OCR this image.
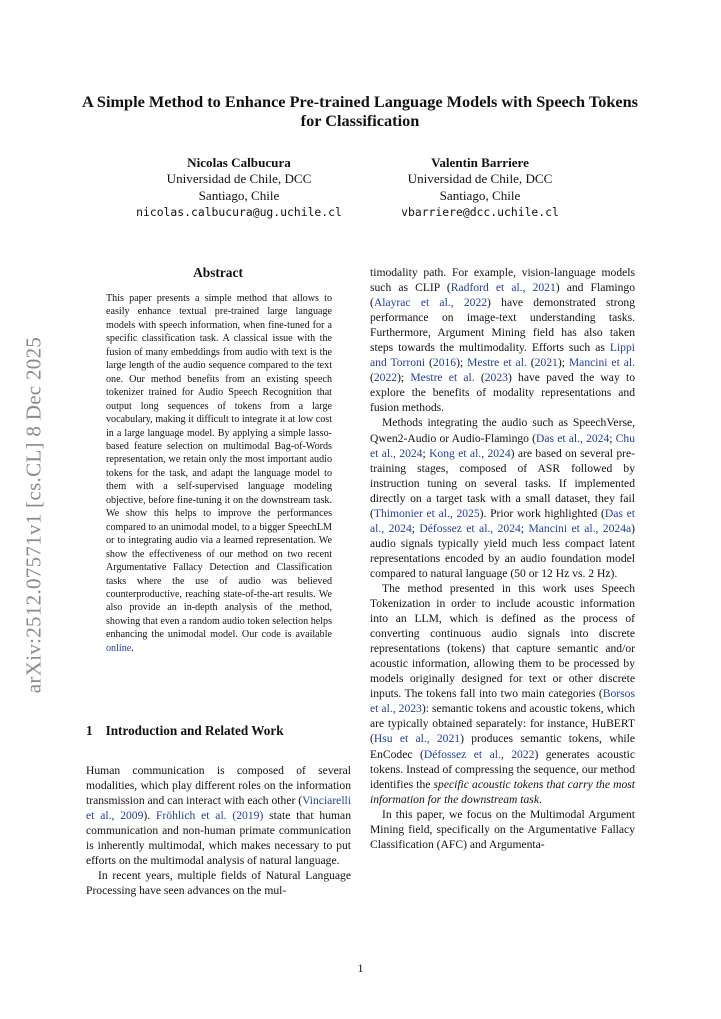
arXiv:2512.07571v1 [cs.CL] 8 Dec 2025
A Simple Method to Enhance Pre-trained Language Models with Speech Tokens for Classification
Nicolas Calbucura
Universidad de Chile, DCC
Santiago, Chile
nicolas.calbucura@ug.uchile.cl
Valentin Barriere
Universidad de Chile, DCC
Santiago, Chile
vbarriere@dcc.uchile.cl
Abstract
This paper presents a simple method that allows to easily enhance textual pre-trained large language models with speech information, when fine-tuned for a specific classification task. A classical issue with the fusion of many embeddings from audio with text is the large length of the audio sequence compared to the text one. Our method benefits from an existing speech tokenizer trained for Audio Speech Recognition that output long sequences of tokens from a large vocabulary, making it difficult to integrate it at low cost in a large language model. By applying a simple lasso-based feature selection on multimodal Bag-of-Words representation, we retain only the most important audio tokens for the task, and adapt the language model to them with a self-supervised language modeling objective, before fine-tuning it on the downstream task. We show this helps to improve the performances compared to an unimodal model, to a bigger SpeechLM or to integrating audio via a learned representation. We show the effectiveness of our method on two recent Argumentative Fallacy Detection and Classification tasks where the use of audio was believed counterproductive, reaching state-of-the-art results. We also provide an in-depth analysis of the method, showing that even a random audio token selection helps enhancing the unimodal model. Our code is available online.
1 Introduction and Related Work

Human communication is composed of several modalities, which play different roles on the information transmission and can interact with each other (Vinciarelli et al., 2009). Fröhlich et al. (2019) state that human communication and non-human primate communication is inherently multimodal, which makes necessary to put efforts on the multimodal analysis of natural language.

In recent years, multiple fields of Natural Language Processing have seen advances on the mul-

timodality path. For example, vision-language models such as CLIP (Radford et al., 2021) and Flamingo (Alayrac et al., 2022) have demonstrated strong performance on image-text understanding tasks. Furthermore, Argument Mining field has also taken steps towards the multimodality. Efforts such as Lippi and Torroni (2016); Mestre et al. (2021); Mancini et al. (2022); Mestre et al. (2023) have paved the way to explore the benefits of modality representations and fusion methods.

Methods integrating the audio such as SpeechVerse, Qwen2-Audio or Audio-Flamingo (Das et al., 2024; Chu et al., 2024; Kong et al., 2024) are based on several pre-training stages, composed of ASR followed by instruction tuning on several tasks. If implemented directly on a target task with a small dataset, they fail (Thimonier et al., 2025). Prior work highlighted (Das et al., 2024; Défossez et al., 2024; Mancini et al., 2024a) audio signals typically yield much less compact latent representations encoded by an audio foundation model compared to natural language (50 or 12 Hz vs. 2 Hz).

The method presented in this work uses Speech Tokenization in order to include acoustic information into an LLM, which is defined as the process of converting continuous audio signals into discrete representations (tokens) that capture semantic and/or acoustic information, allowing them to be processed by models originally designed for text or other discrete inputs. The tokens fall into two main categories (Borsos et al., 2023): semantic tokens and acoustic tokens, which are typically obtained separately: for instance, HuBERT (Hsu et al., 2021) produces semantic tokens, while EnCodec (Défossez et al., 2022) generates acoustic tokens. Instead of compressing the sequence, our method identifies the specific acoustic tokens that carry the most information for the downstream task.

In this paper, we focus on the Multimodal Argument Mining field, specifically on the Argumentative Fallacy Classification (AFC) and Argumenta-

1
